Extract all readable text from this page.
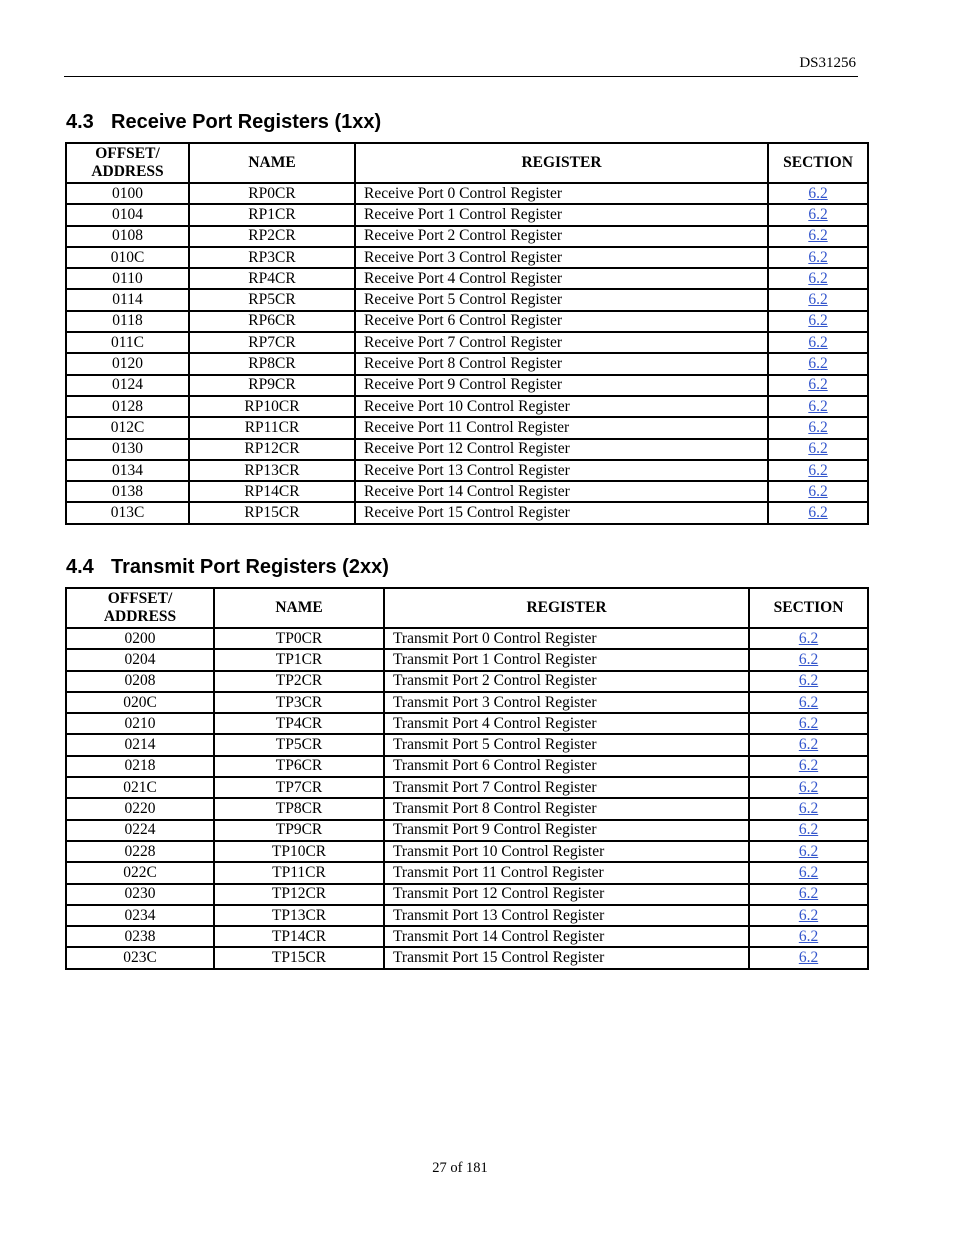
DS31256
4.3 Receive Port Registers (1xx)
OFFSET/
ADDRESS	NAME	REGISTER	SECTION
0100	RP0CR	Receive Port 0 Control Register	6.2
0104	RP1CR	Receive Port 1 Control Register	6.2
0108	RP2CR	Receive Port 2 Control Register	6.2
010C	RP3CR	Receive Port 3 Control Register	6.2
0110	RP4CR	Receive Port 4 Control Register	6.2
0114	RP5CR	Receive Port 5 Control Register	6.2
0118	RP6CR	Receive Port 6 Control Register	6.2
011C	RP7CR	Receive Port 7 Control Register	6.2
0120	RP8CR	Receive Port 8 Control Register	6.2
0124	RP9CR	Receive Port 9 Control Register	6.2
0128	RP10CR	Receive Port 10 Control Register	6.2
012C	RP11CR	Receive Port 11 Control Register	6.2
0130	RP12CR	Receive Port 12 Control Register	6.2
0134	RP13CR	Receive Port 13 Control Register	6.2
0138	RP14CR	Receive Port 14 Control Register	6.2
013C	RP15CR	Receive Port 15 Control Register	6.2
4.4 Transmit Port Registers (2xx)
OFFSET/
ADDRESS	NAME	REGISTER	SECTION
0200	TP0CR	Transmit Port 0 Control Register	6.2
0204	TP1CR	Transmit Port 1 Control Register	6.2
0208	TP2CR	Transmit Port 2 Control Register	6.2
020C	TP3CR	Transmit Port 3 Control Register	6.2
0210	TP4CR	Transmit Port 4 Control Register	6.2
0214	TP5CR	Transmit Port 5 Control Register	6.2
0218	TP6CR	Transmit Port 6 Control Register	6.2
021C	TP7CR	Transmit Port 7 Control Register	6.2
0220	TP8CR	Transmit Port 8 Control Register	6.2
0224	TP9CR	Transmit Port 9 Control Register	6.2
0228	TP10CR	Transmit Port 10 Control Register	6.2
022C	TP11CR	Transmit Port 11 Control Register	6.2
0230	TP12CR	Transmit Port 12 Control Register	6.2
0234	TP13CR	Transmit Port 13 Control Register	6.2
0238	TP14CR	Transmit Port 14 Control Register	6.2
023C	TP15CR	Transmit Port 15 Control Register	6.2
27 of 181
